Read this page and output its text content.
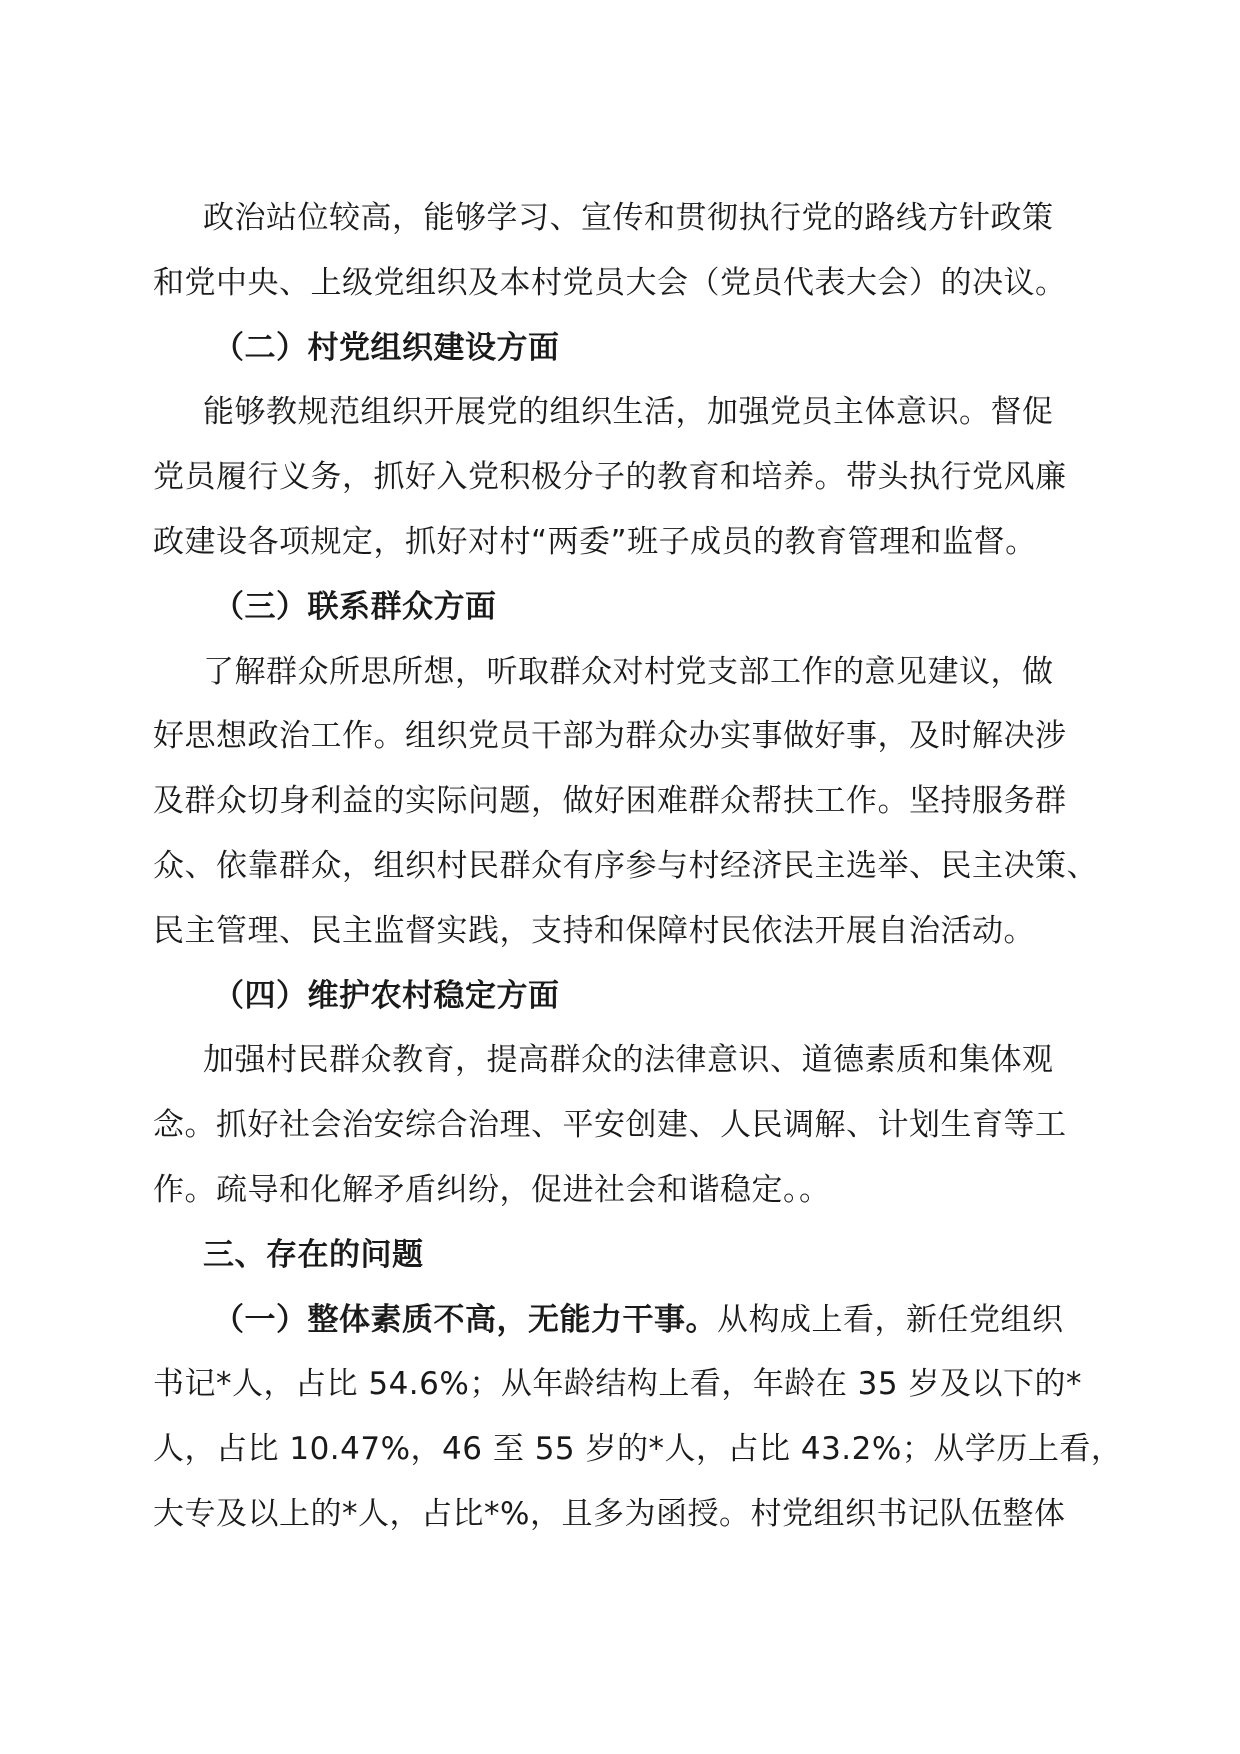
政治站位较高，能够学习、宣传和贯彻执行党的路线方针政策
和党中央、上级党组织及本村党员大会（党员代表大会）的决议。
（二）村党组织建设方面
能够教规范组织开展党的组织生活，加强党员主体意识。督促
党员履行义务，抓好入党积极分子的教育和培养。带头执行党风廉
政建设各项规定，抓好对村“两委”班子成员的教育管理和监督。
（三）联系群众方面
了解群众所思所想，听取群众对村党支部工作的意见建议，做
好思想政治工作。组织党员干部为群众办实事做好事，及时解决涉
及群众切身利益的实际问题，做好困难群众帮扶工作。坚持服务群
众、依靠群众，组织村民群众有序参与村经济民主选举、民主决策、
民主管理、民主监督实践，支持和保障村民依法开展自治活动。
（四）维护农村稳定方面
加强村民群众教育，提高群众的法律意识、道德素质和集体观
念。抓好社会治安综合治理、平安创建、人民调解、计划生育等工
作。疏导和化解矛盾纠纷，促进社会和谐稳定。。
三、存在的问题
（一）整体素质不高，无能力干事。从构成上看，新任党组织
书记*人，占比 54.6%；从年龄结构上看，年龄在 35 岁及以下的*
人，占比 10.47%，46 至 55 岁的*人，占比 43.2%；从学历上看，
大专及以上的*人，占比*%，且多为函授。村党组织书记队伍整体
